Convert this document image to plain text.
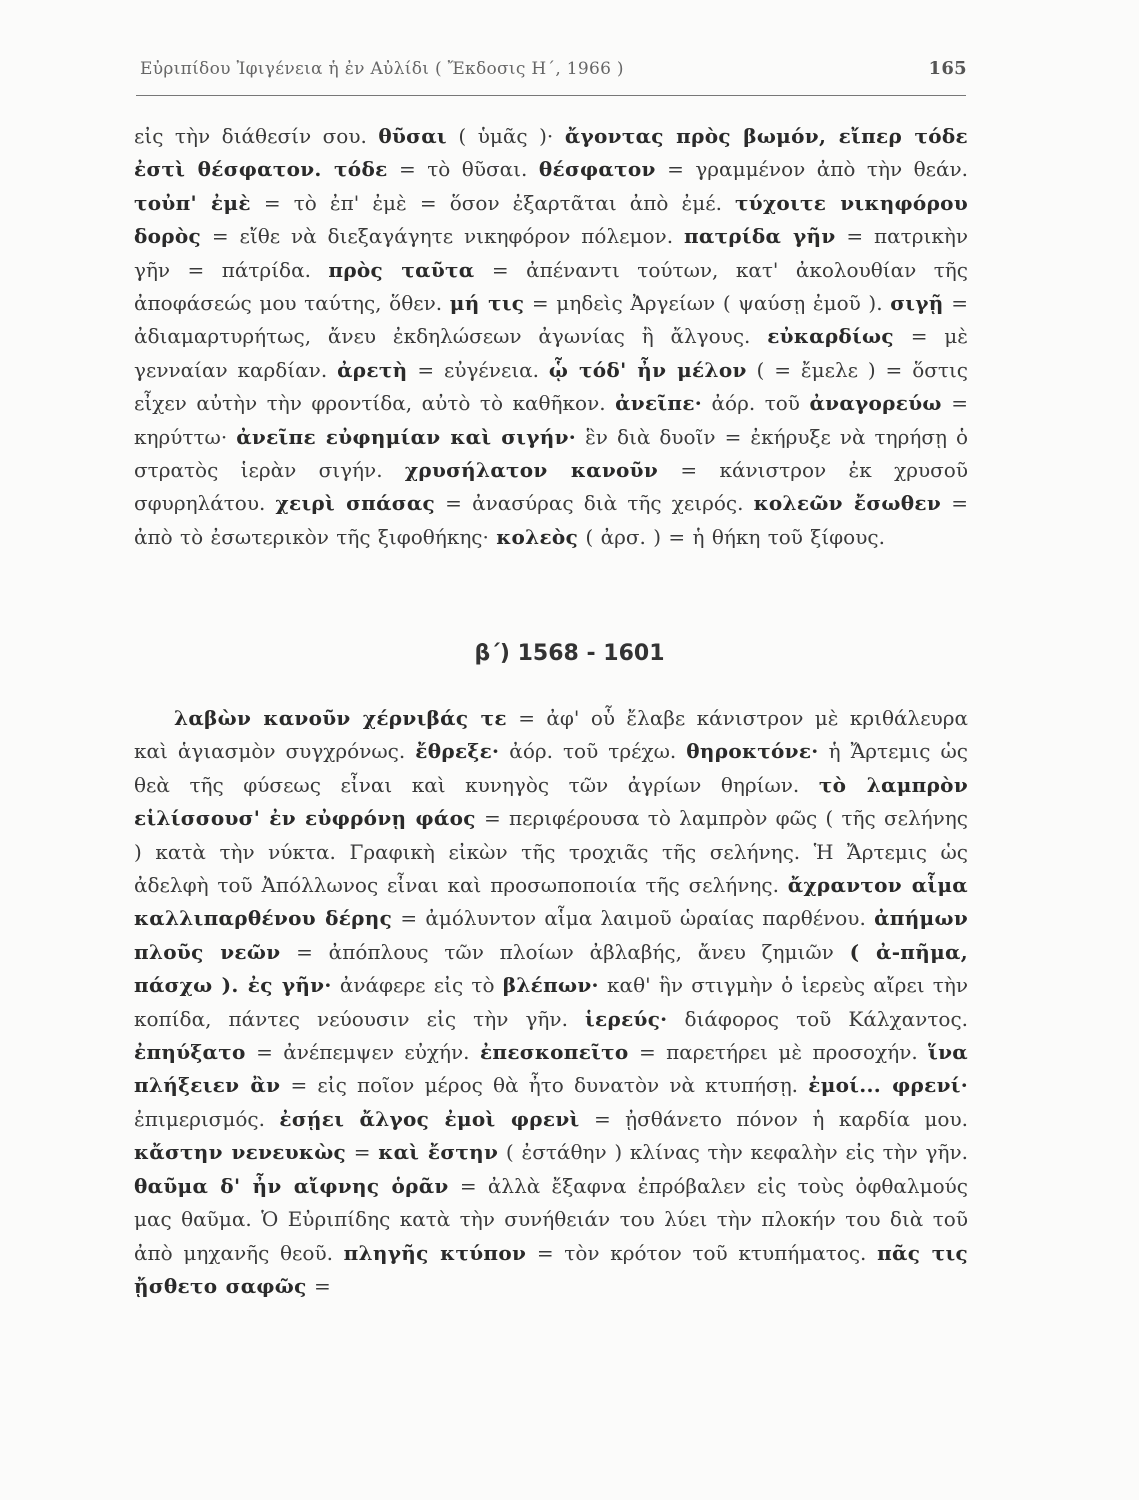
Εὐριπίδου Ἰφιγένεια ἡ ἐν Αὐλίδι ( Ἔκδοσις Η΄, 1966 )	165
εἰς τὴν διάθεσίν σου. θῦσαι ( ὑμᾶς )· ἄγοντας πρὸς βωμόν, εἴπερ τόδε ἐστὶ θέσφατον. τόδε = τὸ θῦσαι. θέσφατον = γραμμένον ἀπὸ τὴν θεάν. τοὐπ' ἐμὲ = τὸ ἐπ' ἐμὲ = ὅσον ἐξαρτᾶται ἀπὸ ἐμέ. τύχοιτε νικηφόρου δορὸς = εἴθε νὰ διεξαγάγητε νικηφόρον πόλεμον. πατρίδα γῆν = πατρικὴν γῆν = πάτρίδα. πρὸς ταῦτα = ἀπέναντι τούτων, κατ' ἀκολουθίαν τῆς ἀποφάσεώς μου ταύτης, ὅθεν. μή τις = μηδεὶς Ἀργείων ( ψαύσῃ ἐμοῦ ). σιγῇ = ἀδιαμαρτυρήτως, ἄνευ ἐκδηλώσεων ἀγωνίας ἢ ἄλγους. εὐκαρδίως = μὲ γενναίαν καρδίαν. ἀρετὴ = εὐγένεια. ᾧ τόδ' ἦν μέλον ( = ἔμελε ) = ὅστις εἶχεν αὐτὴν τὴν φροντίδα, αὐτὸ τὸ καθῆκον. ἀνεῖπε· ἀόρ. τοῦ ἀναγορεύω = κηρύττω· ἀνεῖπε εὐφημίαν καὶ σιγήν· ἓν διὰ δυοῖν = ἐκήρυξε νὰ τηρήσῃ ὁ στρατὸς ἱερὰν σιγήν. χρυσήλατον κανοῦν = κάνιστρον ἐκ χρυσοῦ σφυρηλάτου. χειρὶ σπάσας = ἀνασύρας διὰ τῆς χειρός. κολεῶν ἔσωθεν = ἀπὸ τὸ ἐσωτερικὸν τῆς ξιφοθήκης· κολεὸς ( ἀρσ. ) = ἡ θήκη τοῦ ξίφους.
β΄) 1568 - 1601
λαβὼν κανοῦν χέρνιβάς τε = ἀφ' οὗ ἔλαβε κάνιστρον μὲ κριθάλευρα καὶ ἁγιασμὸν συγχρόνως. ἔθρεξε· ἀόρ. τοῦ τρέχω. θηροκτόνε· ἡ Ἄρτεμις ὡς θεὰ τῆς φύσεως εἶναι καὶ κυνηγὸς τῶν ἀγρίων θηρίων. τὸ λαμπρὸν εἱλίσσουσ' ἐν εὐφρόνῃ φάος = περιφέρουσα τὸ λαμπρὸν φῶς ( τῆς σελήνης ) κατὰ τὴν νύκτα. Γραφικὴ εἰκὼν τῆς τροχιᾶς τῆς σελήνης. Ἡ Ἄρτεμις ὡς ἀδελφὴ τοῦ Ἀπόλλωνος εἶναι καὶ προσωποποιία τῆς σελήνης. ἄχραντον αἷμα καλλιπαρθένου δέρης = ἀμόλυντον αἷμα λαιμοῦ ὡραίας παρθένου. ἀπήμων πλοῦς νεῶν = ἀπόπλους τῶν πλοίων ἀβλαβής, ἄνευ ζημιῶν ( ἀ-πῆμα, πάσχω ). ἐς γῆν· ἀνάφερε εἰς τὸ βλέπων· καθ' ἣν στιγμὴν ὁ ἱερεὺς αἴρει τὴν κοπίδα, πάντες νεύουσιν εἰς τὴν γῆν. ἱερεύς· διάφορος τοῦ Κάλχαντος. ἐπηύξατο = ἀνέπεμψεν εὐχήν. ἐπεσκοπεῖτο = παρετήρει μὲ προσοχήν. ἵνα πλήξειεν ἂν = εἰς ποῖον μέρος θὰ ἦτο δυνατὸν νὰ κτυπήσῃ. ἐμοί... φρενί· ἐπιμερισμός. ἐσῄει ἄλγος ἐμοὶ φρενὶ = ᾐσθάνετο πόνον ἡ καρδία μου. κἄστην νενευκὼς = καὶ ἔστην ( ἐστάθην ) κλίνας τὴν κεφαλὴν εἰς τὴν γῆν. θαῦμα δ' ἦν αἴφνης ὁρᾶν = ἀλλὰ ἔξαφνα ἐπρόβαλεν εἰς τοὺς ὀφθαλμούς μας θαῦμα. Ὁ Εὐριπίδης κατὰ τὴν συνήθειάν του λύει τὴν πλοκήν του διὰ τοῦ ἀπὸ μηχανῆς θεοῦ. πληγῆς κτύπον = τὸν κρότον τοῦ κτυπήματος. πᾶς τις ᾔσθετο σαφῶς =
